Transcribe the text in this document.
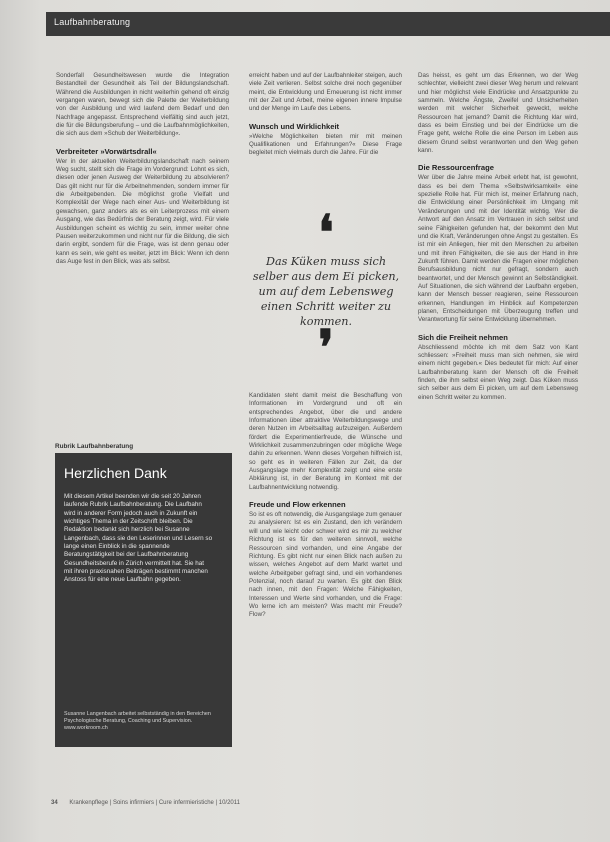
Laufbahnberatung

Sonderfall Gesundheitswesen wurde die Integration Bestandteil der Gesundheit als Teil der Bildungslandschaft. Während die Ausbildungen in nicht weiterhin gehend oft einzig vergangen waren, bewegt sich die Palette der Weiterbildung von der Ausbildung und wird laufend dem Bedarf und den Nachfrage angepasst. Entsprechend vielfältig sind auch jetzt, die für die Bildungsberufung – und die Laufbahnmöglichkeiten, die sich aus dem »Schub der Weiterbildung«.

Verbreiteter »Vorwärtsdrall«

Wer in der aktuellen Weiterbildungslandschaft nach seinem Weg sucht, stellt sich die Frage im Vordergrund: Lohnt es sich, diesen oder jenen Ausweg der Weiterbildung zu absolvieren? Das gilt nicht nur für die Arbeitnehmenden, sondern immer für die Arbeitgebenden. Die möglichst große Vielfalt und Komplexität der Wege nach einer Aus- und Weiterbildung ist gewachsen, ganz anders als es ein Leiterprozess mit einem Ausgang, wie das Bedürfnis der Beratung zeigt, wird. Für viele Ausbildungen scheint es wichtig zu sein, immer weiter ohne Pausen weiterzukommen und nicht nur für die Bildung, die sich darin ergibt, sondern für die Frage, was ist denn genau oder kann es sein, wie geht es weiter, jetzt im Blick: Wenn ich denn das Auge fest in den Blick, was als selbst.

erreicht haben und auf der Laufbahnleiter steigen, auch viele Zeit verlieren. Selbst solche drei noch gegenüber meint, die Entwicklung und Erneuerung ist nicht immer mit der Zeit und Arbeit, meine eigenen innere Impulse und der Menge im Laufe des Lebens.

Wunsch und Wirklichkeit

»Welche Möglichkeiten bieten mir mit meinen Qualifikationen und Erfahrungen?« Diese Frage begleitet mich vielmals durch die Jahre. Für die

❛
Das Küken muss sich selber aus dem Ei picken, um auf dem Lebensweg einen Schritt weiter zu kommen.
❜

Kandidaten steht damit meist die Beschaffung von Informationen im Vordergrund und oft ein entsprechendes Angebot, über die und andere Informationen über attraktive Weiterbildungswege und deren Nutzen im Arbeitsalltag aufzuzeigen. Außerdem fördert die Experimentierfreude, die Wünsche und Wirklichkeit zusammenzubringen oder mögliche Wege dahin zu erkennen. Wenn dieses Vorgehen hilfreich ist, so geht es in weiteren Fällen zur Zeit, da der Ausgangslage mehr Komplexität zeigt und eine erste Abklärung ist, in der Beratung im Kontext mit der Laufbahnentwicklung notwendig.

Freude und Flow erkennen

So ist es oft notwendig, die Ausgangslage zum genauer zu analysieren: Ist es ein Zustand, den ich verändern will und wie leicht oder schwer wird es mir zu welcher Richtung ist es für den weiteren sinnvoll, welche Ressourcen sind vorhanden, und eine Angabe der Richtung. Es gibt nicht nur einen Blick nach außen zu wissen, welches Angebot auf dem Markt wartet und welche Arbeitgeber gefragt sind, und ein vorhandenes Potenzial, noch darauf zu warten. Es gibt den Blick nach innen, mit den Fragen: Welche Fähigkeiten, Interessen und Werte sind vorhanden, und die Frage: Wo lerne ich am meisten? Was macht mir Freude? Flow?

Das heisst, es geht um das Erkennen, wo der Weg schlechter, vielleicht zwei dieser Weg herum und relevant und hier möglichst viele Eindrücke und Ansatzpunkte zu sammeln. Welche Ängste, Zweifel und Unsicherheiten werden mit welcher Sicherheit geweckt, welche Ressourcen hat jemand? Damit die Richtung klar wird, dass es beim Einstieg und bei der Eindrücke um die Frage geht, welche Rolle die eine Person im Leben aus diesem Grund selbst verantworten und den Weg gehen kann.

Die Ressourcenfrage

Wer über die Jahre meine Arbeit erlebt hat, ist gewohnt, dass es bei dem Thema »Selbstwirksamkeit« eine spezielle Rolle hat. Für mich ist, meiner Erfahrung nach, die Entwicklung einer Persönlichkeit im Umgang mit Veränderungen und mit der Identität wichtig. Wer die Antwort auf den Ansatz im Vertrauen in sich selbst und seine Fähigkeiten gefunden hat, der bekommt den Mut und die Kraft, Veränderungen ohne Angst zu gestalten. Es ist mir ein Anliegen, hier mit den Menschen zu arbeiten und mit ihren Fähigkeiten, die sie aus der Hand in ihre Zukunft führen. Damit werden die Fragen einer möglichen Berufsausbildung nicht nur gefragt, sondern auch beantwortet, und der Mensch gewinnt an Selbständigkeit. Auf Situationen, die sich während der Laufbahn ergeben, kann der Mensch besser reagieren, seine Ressourcen erkennen, Handlungen im Hinblick auf Kompetenzen planen, Entscheidungen mit Überzeugung treffen und Verantwortung für seine Entwicklung übernehmen.

Sich die Freiheit nehmen

Abschliessend möchte ich mit dem Satz von Kant schliessen: »Freiheit muss man sich nehmen, sie wird einem nicht gegeben.« Dies bedeutet für mich: Auf einer Laufbahnberatung kann der Mensch oft die Freiheit finden, die ihm selbst einen Weg zeigt. Das Küken muss sich selber aus dem Ei picken, um auf dem Lebensweg einen Schritt weiter zu kommen.

Rubrik Laufbahnberatung
Herzlichen Dank
Mit diesem Artikel beenden wir die seit 20 Jahren laufende Rubrik Laufbahnberatung. Die Laufbahn wird in anderer Form jedoch auch in Zukunft ein wichtiges Thema in der Zeitschrift bleiben. Die Redaktion bedankt sich herzlich bei Susanne Langenbach, dass sie den Leserinnen und Lesern so lange einen Einblick in die spannende Beratungstätigkeit bei der Laufbahnberatung Gesundheitsberufe in Zürich vermittelt hat. Sie hat mit ihren praxisnahen Beiträgen bestimmt manchen Anstoss für eine neue Laufbahn gegeben.
Susanne Langenbach arbeitet selbstständig in den Bereichen Psychologische Beratung, Coaching und Supervision. www.workroom.ch
34 Krankenpflege | Soins infirmiers | Cure infermieristiche | 10/2011
